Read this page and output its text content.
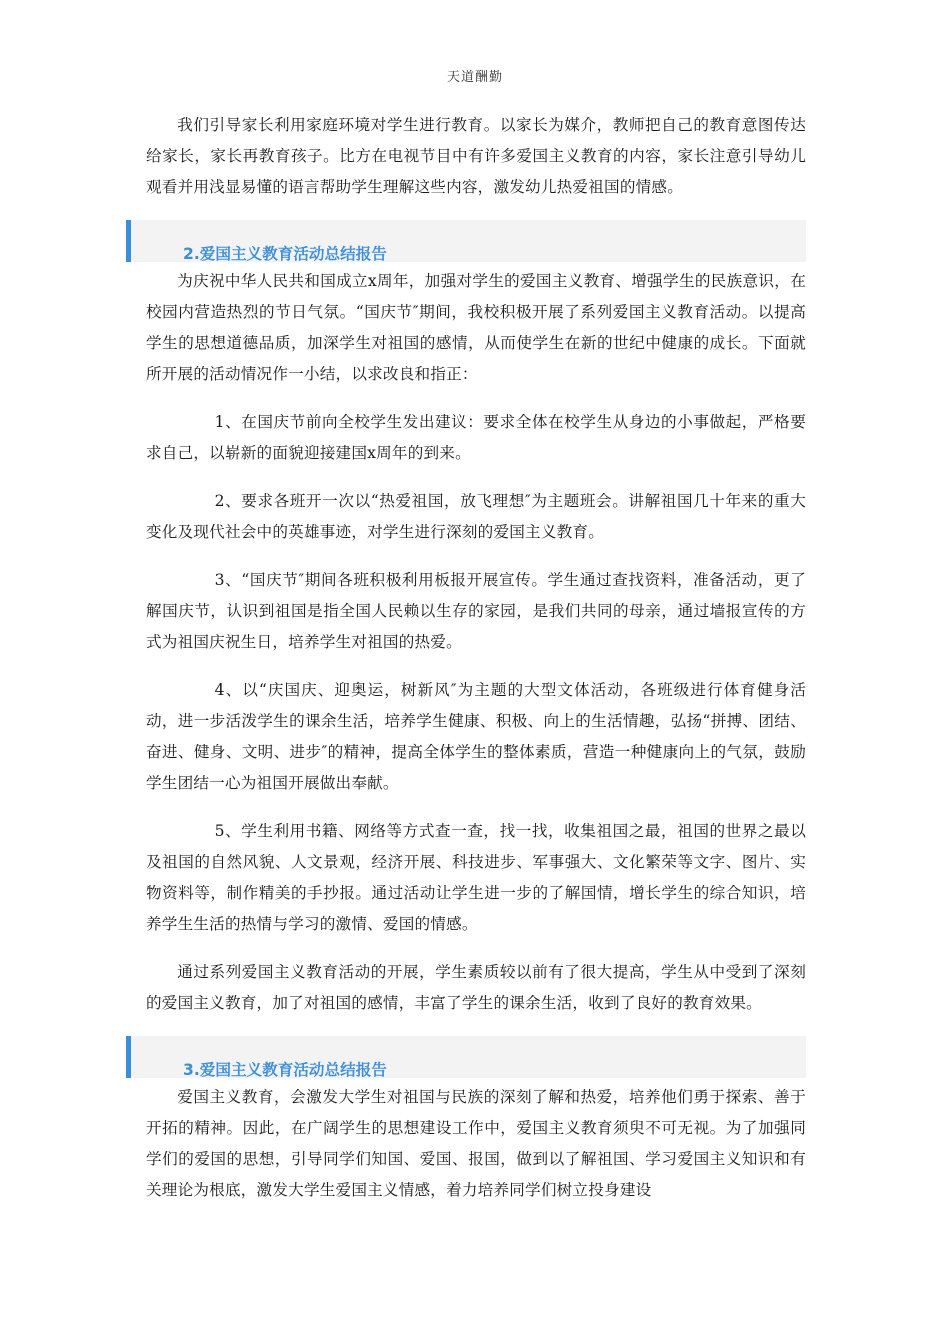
天道酬勤

我们引导家长利用家庭环境对学生进行教育。以家长为媒介，教师把自己的教育意图传达给家长，家长再教育孩子。比方在电视节目中有许多爱国主义教育的内容，家长注意引导幼儿观看并用浅显易懂的语言帮助学生理解这些内容，激发幼儿热爱祖国的情感。

2.爱国主义教育活动总结报告

为庆祝中华人民共和国成立x周年，加强对学生的爱国主义教育、增强学生的民族意识，在校园内营造热烈的节日气氛。“国庆节″期间，我校积极开展了系列爱国主义教育活动。以提高学生的思想道德品质，加深学生对祖国的感情，从而使学生在新的世纪中健康的成长。下面就所开展的活动情况作一小结，以求改良和指正：

1、在国庆节前向全校学生发出建议：要求全体在校学生从身边的小事做起，严格要求自己，以崭新的面貌迎接建国x周年的到来。

2、要求各班开一次以“热爱祖国，放飞理想″为主题班会。讲解祖国几十年来的重大变化及现代社会中的英雄事迹，对学生进行深刻的爱国主义教育。

3、“国庆节″期间各班积极利用板报开展宣传。学生通过查找资料，准备活动，更了解国庆节，认识到祖国是指全国人民赖以生存的家园，是我们共同的母亲，通过墙报宣传的方式为祖国庆祝生日，培养学生对祖国的热爱。

4、以“庆国庆、迎奥运，树新风″为主题的大型文体活动，各班级进行体育健身活动，进一步活泼学生的课余生活，培养学生健康、积极、向上的生活情趣，弘扬“拼搏、团结、奋进、健身、文明、进步″的精神，提高全体学生的整体素质，营造一种健康向上的气氛，鼓励学生团结一心为祖国开展做出奉献。

5、学生利用书籍、网络等方式查一查，找一找，收集祖国之最，祖国的世界之最以及祖国的自然风貌、人文景观，经济开展、科技进步、军事强大、文化繁荣等文字、图片、实物资料等，制作精美的手抄报。通过活动让学生进一步的了解国情，增长学生的综合知识，培养学生生活的热情与学习的激情、爱国的情感。

通过系列爱国主义教育活动的开展，学生素质较以前有了很大提高，学生从中受到了深刻的爱国主义教育，加了对祖国的感情，丰富了学生的课余生活，收到了良好的教育效果。

3.爱国主义教育活动总结报告

爱国主义教育，会激发大学生对祖国与民族的深刻了解和热爱，培养他们勇于探索、善于开拓的精神。因此，在广阔学生的思想建设工作中，爱国主义教育须臾不可无视。为了加强同学们的爱国的思想，引导同学们知国、爱国、报国，做到以了解祖国、学习爱国主义知识和有关理论为根底，激发大学生爱国主义情感，着力培养同学们树立投身建设
